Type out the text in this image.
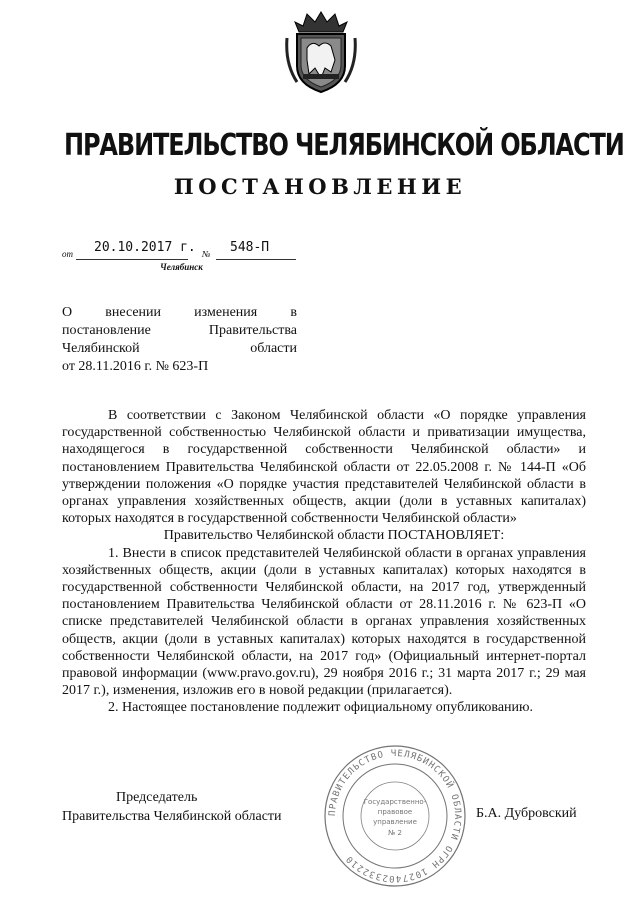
ПРАВИТЕЛЬСТВО ЧЕЛЯБИНСКОЙ ОБЛАСТИ
ПОСТАНОВЛЕНИЕ
от 20.10.2017 г. № 548-П
Челябинск

О внесении изменения в

постановление Правительства

Челябинской области

от 28.11.2016 г. № 623-П

В соответствии с Законом Челябинской области «О порядке управления государственной собственностью Челябинской области и приватизации имущества, находящегося в государственной собственности Челябинской области» и постановлением Правительства Челябинской области от 22.05.2008 г. № 144-П «Об утверждении положения «О порядке участия представителей Челябинской области в органах управления хозяйственных обществ, акции (доли в уставных капиталах) которых находятся в государственной собственности Челябинской области»

Правительство Челябинской области ПОСТАНОВЛЯЕТ:

1. Внести в список представителей Челябинской области в органах управления хозяйственных обществ, акции (доли в уставных капиталах) которых находятся в государственной собственности Челябинской области, на 2017 год, утвержденный постановлением Правительства Челябинской области от 28.11.2016 г. № 623-П «О списке представителей Челябинской области в органах управления хозяйственных обществ, акции (доли в уставных капиталах) которых находятся в государственной собственности Челябинской области, на 2017 год» (Официальный интернет-портал правовой информации (www.pravo.gov.ru), 29 ноября 2016 г.; 31 марта 2017 г.; 29 мая 2017 г.), изменения, изложив его в новой редакции (прилагается).

2. Настоящее постановление подлежит официальному опубликованию.

Председатель
Правительства Челябинской области	Б.А. Дубровский
ПРАВИТЕЛЬСТВО ЧЕЛЯБИНСКОЙ ОБЛАСТИ ОГРН 1027402332210
Государственно-
правовое
управление
№ 2
